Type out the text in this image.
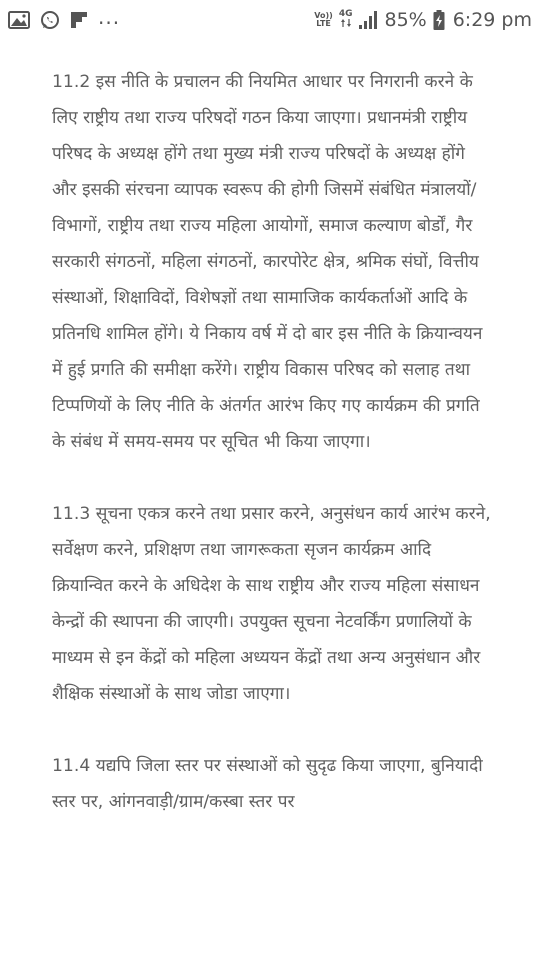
...	Vo))
LTE
4G 85% 6:29 pm

11.2 इस नीति के प्रचालन की नियमित आधार पर निगरानी करने के लिए राष्ट्रीय तथा राज्य परिषदों गठन किया जाएगा। प्रधानमंत्री राष्ट्रीय परिषद के अध्यक्ष होंगे तथा मुख्य मंत्री राज्य परिषदों के अध्यक्ष होंगे और इसकी संरचना व्यापक स्वरूप की होगी जिसमें संबंधित मंत्रालयों/विभागों, राष्ट्रीय तथा राज्य महिला आयोगों, समाज कल्याण बोर्डों, गैर सरकारी संगठनों, महिला संगठनों, कारपोरेट क्षेत्र, श्रमिक संघों, वित्तीय संस्थाओं, शिक्षाविदों, विशेषज्ञों तथा सामाजिक कार्यकर्ताओं आदि के प्रतिनधि शामिल होंगे। ये निकाय वर्ष में दो बार इस नीति के क्रियान्वयन में हुई प्रगति की समीक्षा करेंगे। राष्ट्रीय विकास परिषद को सलाह तथा टिप्पणियों के लिए नीति के अंतर्गत आरंभ किए गए कार्यक्रम की प्रगति के संबंध में समय-समय पर सूचित भी किया जाएगा।

11.3 सूचना एकत्र करने तथा प्रसार करने, अनुसंधन कार्य आरंभ करने, सर्वेक्षण करने, प्रशिक्षण तथा जागरूकता सृजन कार्यक्रम आदि क्रियान्वित करने के अधिदेश के साथ राष्ट्रीय और राज्य महिला संसाधन केन्द्रों की स्थापना की जाएगी। उपयुक्त सूचना नेटवर्किंग प्रणालियों के माध्यम से इन केंद्रों को महिला अध्ययन केंद्रों तथा अन्य अनुसंधान और शैक्षिक संस्थाओं के साथ जोडा जाएगा।

11.4 यद्यपि जिला स्तर पर संस्थाओं को सुदृढ किया जाएगा, बुनियादी स्तर पर, आंगनवाड़ी/ग्राम/कस्बा स्तर पर
